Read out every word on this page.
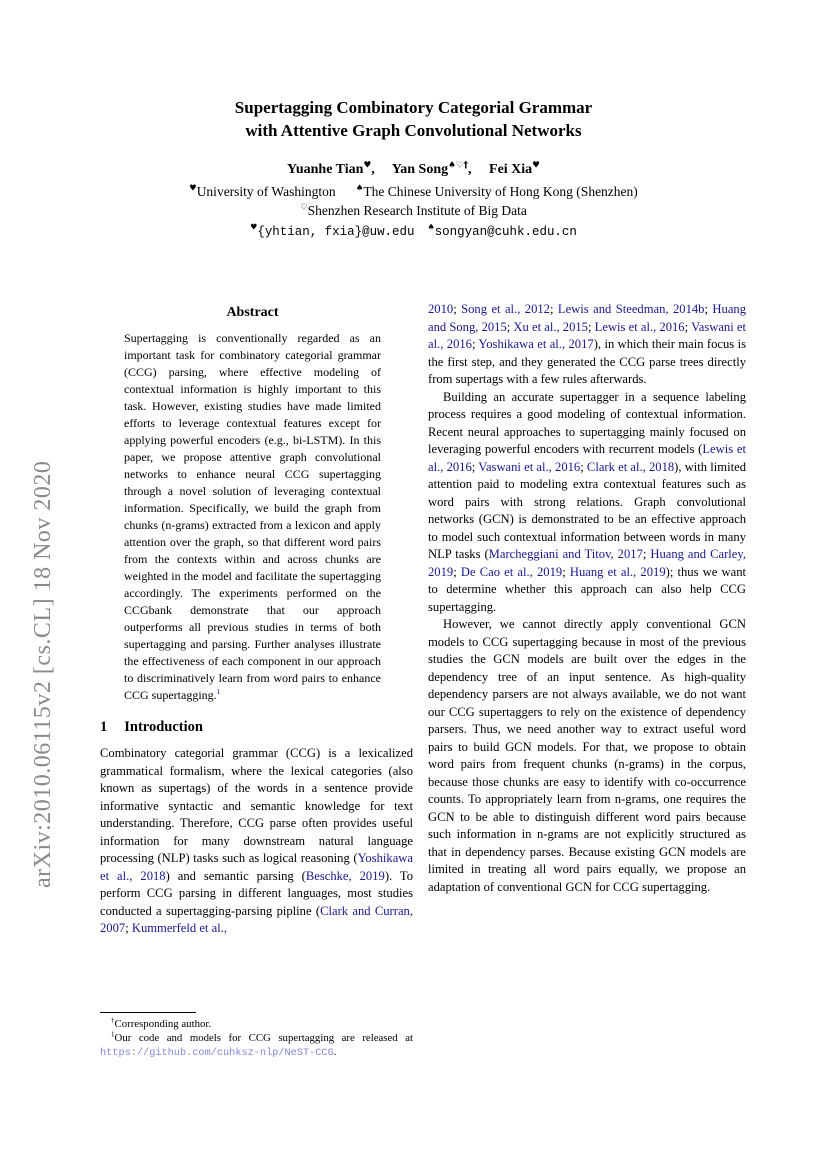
arXiv:2010.06115v2 [cs.CL] 18 Nov 2020
Supertagging Combinatory Categorial Grammar
with Attentive Graph Convolutional Networks
Yuanhe Tian♥,   Yan Song♠♡†,   Fei Xia♥
♥University of Washington   ♠The Chinese University of Hong Kong (Shenzhen)
♡Shenzhen Research Institute of Big Data
♥{yhtian, fxia}@uw.edu   ♠songyan@cuhk.edu.cn
Abstract

Supertagging is conventionally regarded as an important task for combinatory categorial grammar (CCG) parsing, where effective modeling of contextual information is highly important to this task. However, existing studies have made limited efforts to leverage contextual features except for applying powerful encoders (e.g., bi-LSTM). In this paper, we propose attentive graph convolutional networks to enhance neural CCG supertagging through a novel solution of leveraging contextual information. Specifically, we build the graph from chunks (n-grams) extracted from a lexicon and apply attention over the graph, so that different word pairs from the contexts within and across chunks are weighted in the model and facilitate the supertagging accordingly. The experiments performed on the CCGbank demonstrate that our approach outperforms all previous studies in terms of both supertagging and parsing. Further analyses illustrate the effectiveness of each component in our approach to discriminatively learn from word pairs to enhance CCG supertagging.$^1$

1 Introduction

Combinatory categorial grammar (CCG) is a lexicalized grammatical formalism, where the lexical categories (also known as supertags) of the words in a sentence provide informative syntactic and semantic knowledge for text understanding. Therefore, CCG parse often provides useful information for many downstream natural language processing (NLP) tasks such as logical reasoning (Yoshikawa et al., 2018) and semantic parsing (Beschke, 2019). To perform CCG parsing in different languages, most studies conducted a supertagging-parsing pipline (Clark and Curran, 2007; Kummerfeld et al.,

2010; Song et al., 2012; Lewis and Steedman, 2014b; Huang and Song, 2015; Xu et al., 2015; Lewis et al., 2016; Vaswani et al., 2016; Yoshikawa et al., 2017), in which their main focus is the first step, and they generated the CCG parse trees directly from supertags with a few rules afterwards.

Building an accurate supertagger in a sequence labeling process requires a good modeling of contextual information. Recent neural approaches to supertagging mainly focused on leveraging powerful encoders with recurrent models (Lewis et al., 2016; Vaswani et al., 2016; Clark et al., 2018), with limited attention paid to modeling extra contextual features such as word pairs with strong relations. Graph convolutional networks (GCN) is demonstrated to be an effective approach to model such contextual information between words in many NLP tasks (Marcheggiani and Titov, 2017; Huang and Carley, 2019; De Cao et al., 2019; Huang et al., 2019); thus we want to determine whether this approach can also help CCG supertagging.

However, we cannot directly apply conventional GCN models to CCG supertagging because in most of the previous studies the GCN models are built over the edges in the dependency tree of an input sentence. As high-quality dependency parsers are not always available, we do not want our CCG supertaggers to rely on the existence of dependency parsers. Thus, we need another way to extract useful word pairs to build GCN models. For that, we propose to obtain word pairs from frequent chunks (n-grams) in the corpus, because those chunks are easy to identify with co-occurrence counts. To appropriately learn from n-grams, one requires the GCN to be able to distinguish different word pairs because such information in n-grams are not explicitly structured as that in dependency parses. Because existing GCN models are limited in treating all word pairs equally, we propose an adaptation of conventional GCN for CCG supertagging.

†Corresponding author.

$^1$Our code and models for CCG supertagging are released at https://github.com/cuhksz-nlp/NeST-CCG.
